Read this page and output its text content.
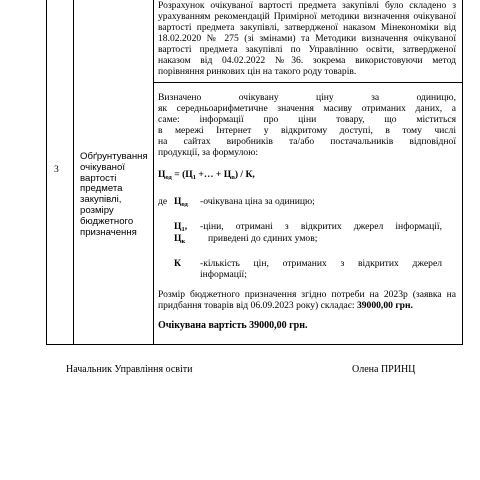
3
Обґрунтування
очікуваної
вартості
предмета
закупівлі,
розміру
бюджетного
призначення
Розрахунок очікуваної вартості предмета закупівлі було складено з
урахуванням рекомендацій Примірної методики визначення очікуваної
вартості предмета закупівлі, затвердженої наказом Мінекономіки від
18.02.2020 № 275 (зі змінами) та Методики визначення очікуваної
вартості предмета закупівлі по Управлінню освіти, затвердженої
наказом від 04.02.2022 №36. зокрема використовуючи метод
порівняння ринкових цін на такого роду товарів.
Визначено очікувану ціну за одиницю,
як середньоарифметичне значення масиву отриманих даних, а
саме: інформації про ціни товару, що міститься
в мережі Інтернет у відкритому доступі, в тому числі
на сайтах виробників та/або постачальників відповідної
продукції, за формулою:
$Ц_{од} = (Ц_1$ +… + $Ц_n$) / К,
де $Ц_{од}$ -очікувана ціна за одиницю;
$Ц_1$,
$Ц_к$
-ціни, отримані з відкритих джерел інформації,
приведені до єдиних умов;
К -кількість цін, отриманих з відкритих джерел
інформації;
Розмір бюджетного призначення згідно потреби на 2023р (заявка на
придбання товарів від 06.09.2023 року) складає: 39000,00 грн.
Очікувана вартість 39000,00 грн.
Начальник Управління освіти	Олена ПРИНЦ
